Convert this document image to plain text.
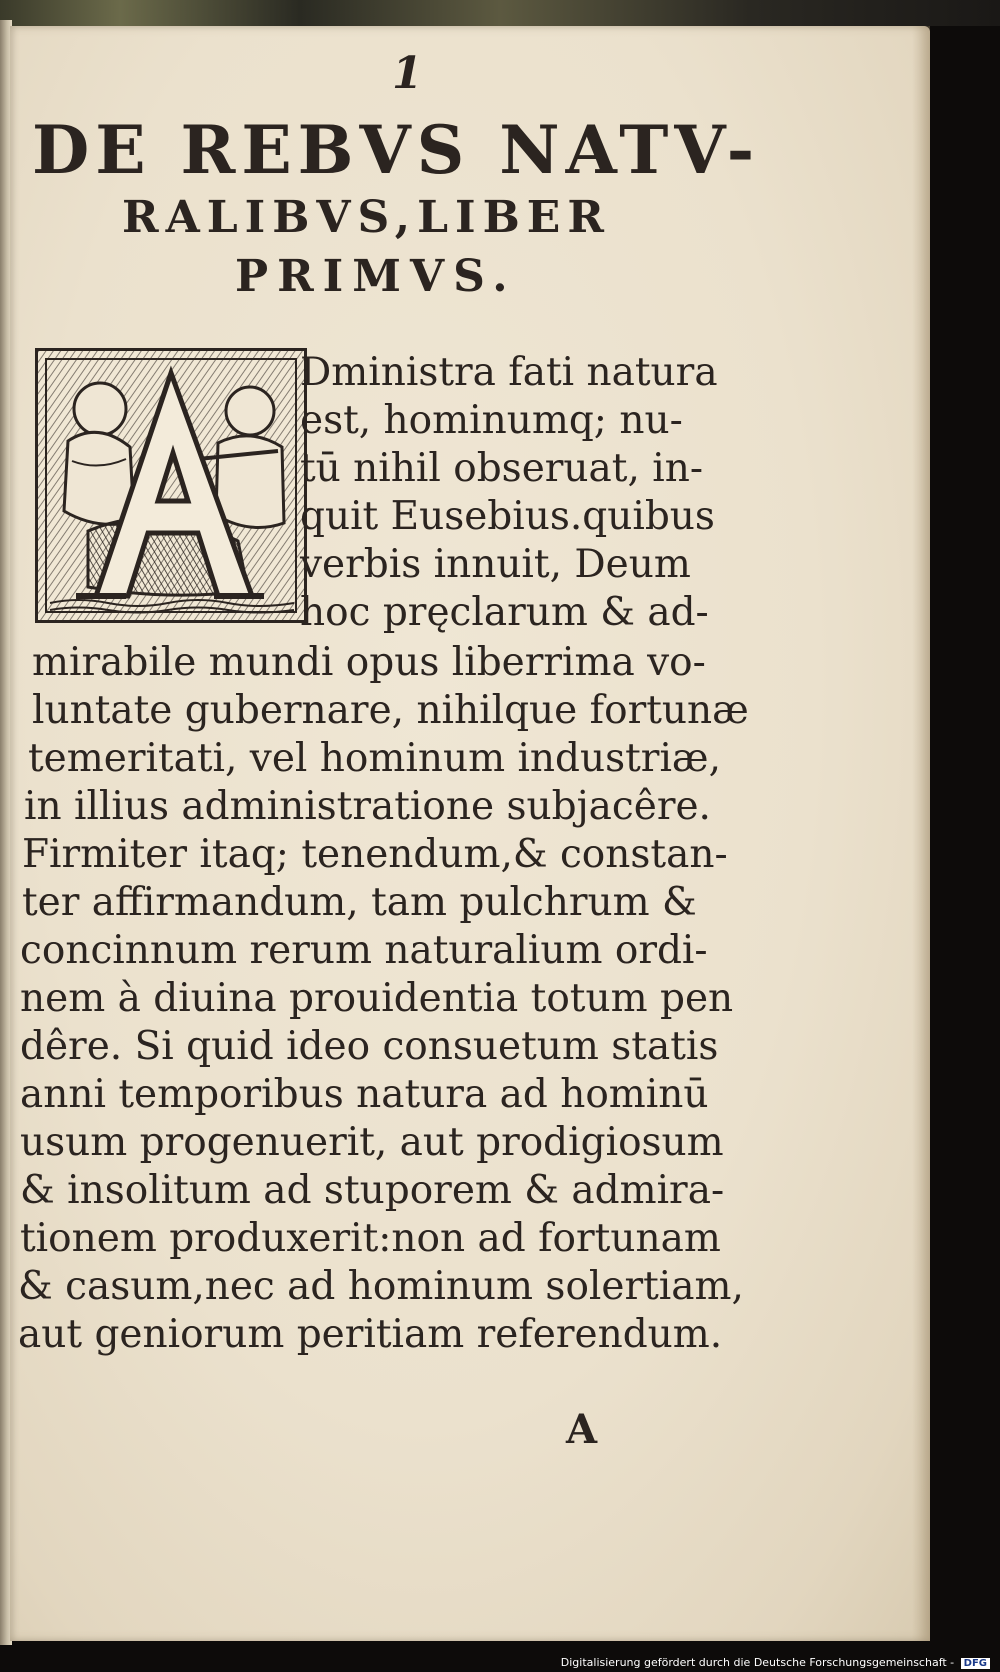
1
DE REBVS NATV-
RALIBVS,LIBER
PRIMVS.
Dministra fati natura
est, hominumq; nu-
tū nihil obseruat, in-
quit Eusebius.quibus
verbis innuit, Deum
hoc pręclarum & ad-
mirabile mundi opus liberrima vo-
luntate gubernare, nihilque fortunæ
temeritati, vel hominum industriæ,
in illius administratione subjacêre.
Firmiter itaq; tenendum,& constan-
ter affirmandum, tam pulchrum &
concinnum rerum naturalium ordi-
nem à diuina prouidentia totum pen
dêre. Si quid ideo consuetum statis
anni temporibus natura ad hominū
usum progenuerit, aut prodigiosum
& insolitum ad stuporem & admira-
tionem produxerit:non ad fortunam
& casum,nec ad hominum solertiam,
aut geniorum peritiam referendum.
A
Digitalisierung gefördert durch die Deutsche Forschungsgemeinschaft - DFG
